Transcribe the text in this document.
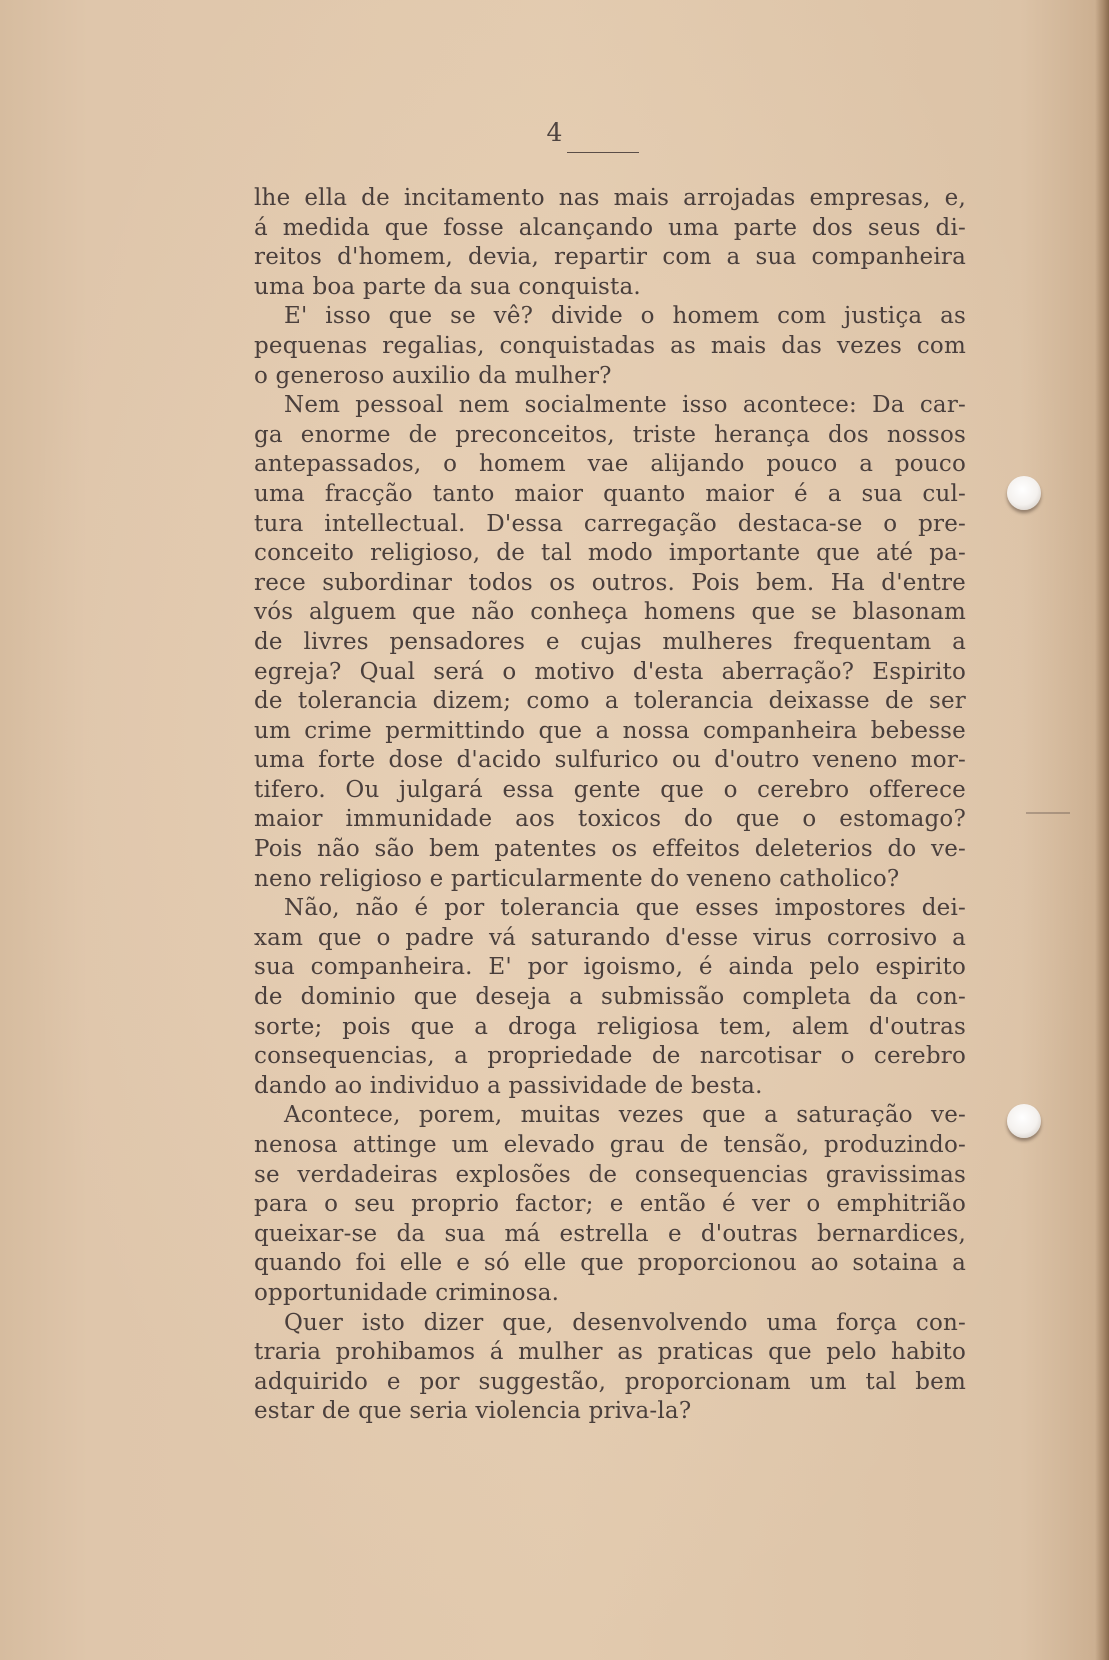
4
lhe ella de incitamento nas mais arrojadas empresas, e,
á medida que fosse alcançando uma parte dos seus di-
reitos d'homem, devia, repartir com a sua companheira
uma boa parte da sua conquista.
E' isso que se vê? divide o homem com justiça as
pequenas regalias, conquistadas as mais das vezes com
o generoso auxilio da mulher?
Nem pessoal nem socialmente isso acontece: Da car-
ga enorme de preconceitos, triste herança dos nossos
antepassados, o homem vae alijando pouco a pouco
uma fracção tanto maior quanto maior é a sua cul-
tura intellectual. D'essa carregação destaca-se o pre-
conceito religioso, de tal modo importante que até pa-
rece subordinar todos os outros. Pois bem. Ha d'entre
vós alguem que não conheça homens que se blasonam
de livres pensadores e cujas mulheres frequentam a
egreja? Qual será o motivo d'esta aberração? Espirito
de tolerancia dizem; como a tolerancia deixasse de ser
um crime permittindo que a nossa companheira bebesse
uma forte dose d'acido sulfurico ou d'outro veneno mor-
tifero. Ou julgará essa gente que o cerebro offerece
maior immunidade aos toxicos do que o estomago?
Pois não são bem patentes os effeitos deleterios do ve-
neno religioso e particularmente do veneno catholico?
Não, não é por tolerancia que esses impostores dei-
xam que o padre vá saturando d'esse virus corrosivo a
sua companheira. E' por igoismo, é ainda pelo espirito
de dominio que deseja a submissão completa da con-
sorte; pois que a droga religiosa tem, alem d'outras
consequencias, a propriedade de narcotisar o cerebro
dando ao individuo a passividade de besta.
Acontece, porem, muitas vezes que a saturação ve-
nenosa attinge um elevado grau de tensão, produzindo-
se verdadeiras explosões de consequencias gravissimas
para o seu proprio factor; e então é ver o emphitrião
queixar-se da sua má estrella e d'outras bernardices,
quando foi elle e só elle que proporcionou ao sotaina a
opportunidade criminosa.
Quer isto dizer que, desenvolvendo uma força con-
traria prohibamos á mulher as praticas que pelo habito
adquirido e por suggestão, proporcionam um tal bem
estar de que seria violencia priva-la?
